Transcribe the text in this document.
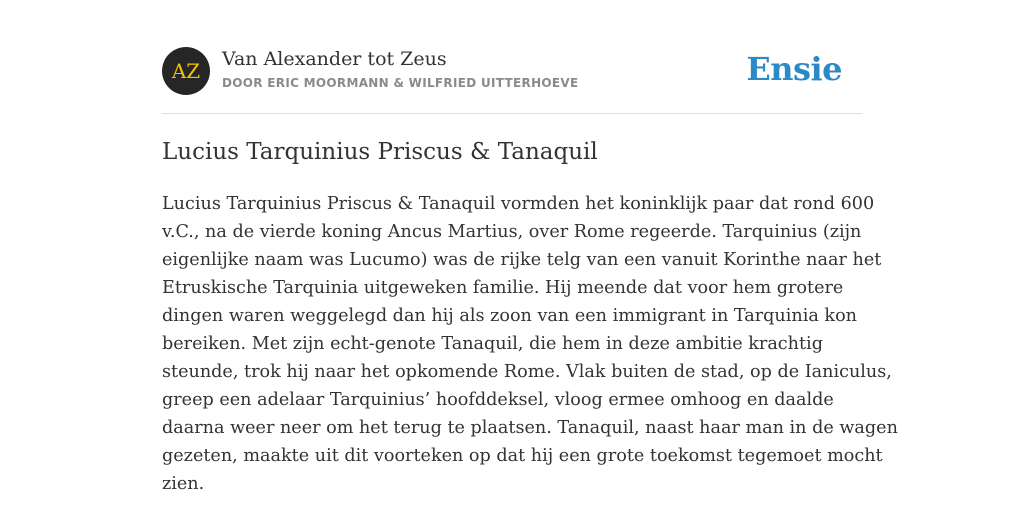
AZ Van Alexander tot Zeus
DOOR ERIC MOORMANN & WILFRIED UITTERHOEVE	Ensie
Lucius Tarquinius Priscus & Tanaquil

Lucius Tarquinius Priscus & Tanaquil vormden het koninklijk paar dat rond 600
v.C., na de vierde koning Ancus Martius, over Rome regeerde. Tarquinius (zijn
eigenlijke naam was Lucumo) was de rijke telg van een vanuit Korinthe naar het
Etruskische Tarquinia uitgeweken familie. Hij meende dat voor hem grotere
dingen waren weggelegd dan hij als zoon van een immigrant in Tarquinia kon
bereiken. Met zijn echt-genote Tanaquil, die hem in deze ambitie krachtig
steunde, trok hij naar het opkomende Rome. Vlak buiten de stad, op de Ianiculus,
greep een adelaar Tarquinius’ hoofddeksel, vloog ermee omhoog en daalde
daarna weer neer om het terug te plaatsen. Tanaquil, naast haar man in de wagen
gezeten, maakte uit dit voorteken op dat hij een grote toekomst tegemoet mocht
zien.
